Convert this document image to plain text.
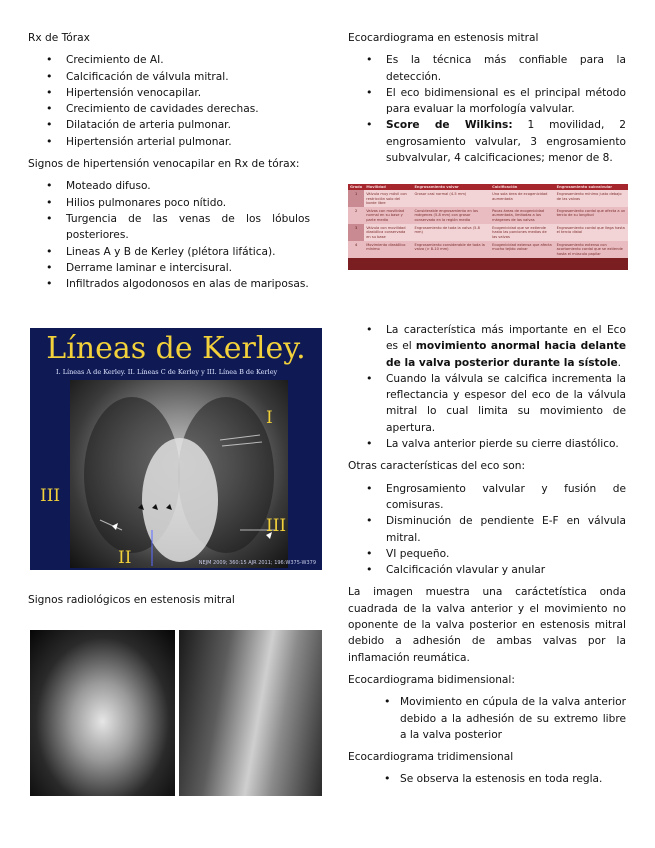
Rx de Tórax

• Crecimiento de AI.
• Calcificación de válvula mitral.
• Hipertensión venocapilar.
• Crecimiento de cavidades derechas.
• Dilatación de arteria pulmonar.
• Hipertensión arterial pulmonar.

Signos de hipertensión venocapilar en Rx de tórax:

• Moteado difuso.
• Hilios pulmonares poco nítido.
• Turgencia de las venas de los lóbulos posteriores.
• Lineas A y B de Kerley (plétora lifática).
• Derrame laminar e intercisural.
• Infiltrados algodonosos en alas de mariposas.
Líneas de Kerley.
I. Líneas A de Kerley. II. Líneas C de Kerley y III. Línea B de Kerley
I
III
III
II	NEJM 2009; 360:15 AJR 2011; 196:W375-W379

Signos radiológicos en estenosis mitral

Ecocardiograma en estenosis mitral

• Es la técnica más confiable para la detección.
• El eco bidimensional es el principal método para evaluar la morfología valvular.
• Score de Wilkins: 1 movilidad, 2 engrosamiento valvular, 3 engrosamiento subvalvular, 4 calcificaciones; menor de 8.
Grado	Movilidad	Engrosamiento valvar	Calcificación	Engrosamiento subvalvular
1	Válvula muy móvil con restricción solo del borde libre	Grosor casi normal (4-5 mm)	Una sola área de ecogenicidad aumentada	Engrosamiento mínimo justo debajo de las valvas
2	Valvas con movilidad normal en su base y parte media	Considerable engrosamiento en los márgenes (5-8 mm) con grosor conservado en la región media	Pocas áreas de ecogenicidad aumentada, limitadas a los márgenes de las valvas	Engrosamiento cordal que afecta a un tercio de su longitud
3	Válvula con movilidad diastólica conservada en su base	Engrosamiento de toda la valva (5-8 mm)	Ecogenicidad que se extiende hasta las porciones medias de las valvas	Engrosamiento cordal que llega hasta el tercio distal
4	Movimiento diastólico mínimo	Engrosamiento considerable de toda la valva (> 8-10 mm)	Ecogenicidad extensa que afecta mucho tejido valvar	Engrosamiento extenso con acortamiento cordal que se extiende hasta el músculo papilar
• La característica más importante en el Eco es el movimiento anormal hacia delante de la valva posterior durante la sístole.
• Cuando la válvula se calcifica incrementa la reflectancia y espesor del eco de la válvula mitral lo cual limita su movimiento de apertura.
• La valva anterior pierde su cierre diastólico.

Otras características del eco son:

• Engrosamiento valvular y fusión de comisuras.
• Disminución de pendiente E-F en válvula mitral.
• VI pequeño.
• Calcificación vlavular y anular

La imagen muestra una caráctetística onda cuadrada de la valva anterior y el movimiento no oponente de la valva posterior en estenosis mitral debido a adhesión de ambas valvas por la inflamación reumática.

Ecocardiograma bidimensional:

• Movimiento en cúpula de la valva anterior debido a la adhesión de su extremo libre a la valva posterior

Ecocardiograma tridimensional

• Se observa la estenosis en toda regla.
